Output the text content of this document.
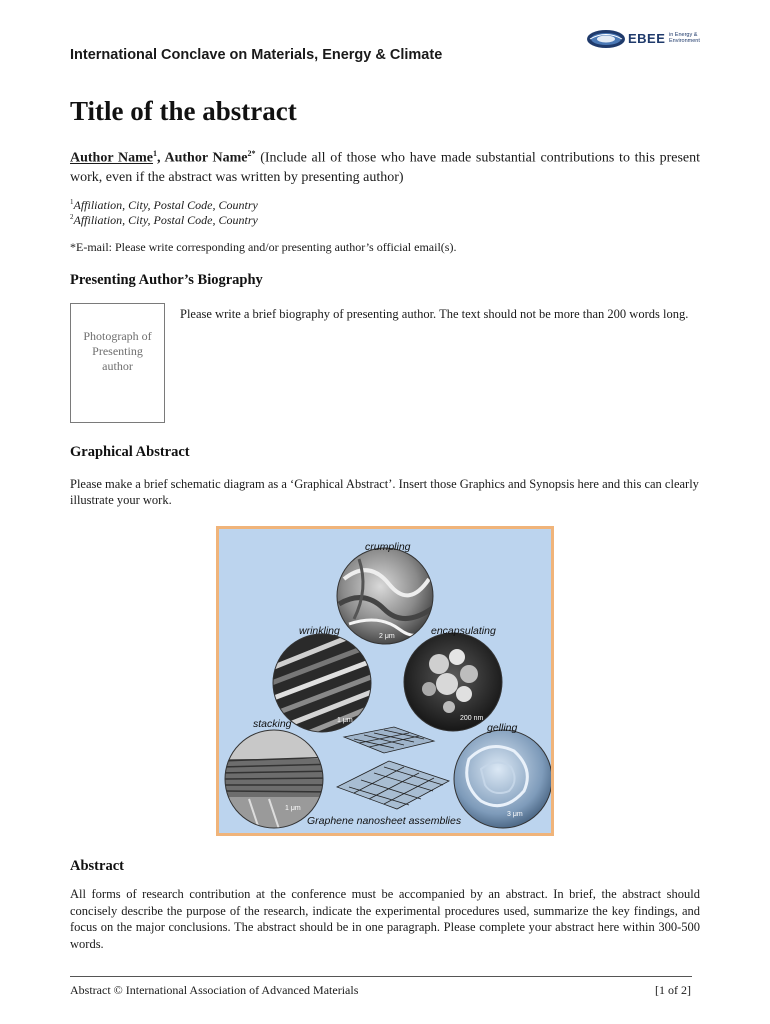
International Conclave on Materials, Energy & Climate
EBEE in Energy & Environment
Title of the abstract
Author Name$^1$, Author Name$^{2*}$ (Include all of those who have made substantial contributions to this present work, even if the abstract was written by presenting author)
$^1$Affiliation, City, Postal Code, Country
$^2$Affiliation, City, Postal Code, Country
*E-mail: Please write corresponding and/or presenting author’s official email(s).
Presenting Author’s Biography
Photograph of Presenting author
Please write a brief biography of presenting author. The text should not be more than 200 words long.
Graphical Abstract
Please make a brief schematic diagram as a ‘Graphical Abstract’. Insert those Graphics and Synopsis here and this can clearly illustrate your work.
crumpling
wrinkling	encapsulating
stacking	gelling
Graphene nanosheet assemblies
2 μm
1 μm	200 nm
1 μm
3 μm
Abstract
All forms of research contribution at the conference must be accompanied by an abstract. In brief, the abstract should concisely describe the purpose of the research, indicate the experimental procedures used, summarize the key findings, and focus on the major conclusions. The abstract should be in one paragraph. Please complete your abstract here within 300-500 words.
Abstract © International Association of Advanced Materials	[1 of 2]
